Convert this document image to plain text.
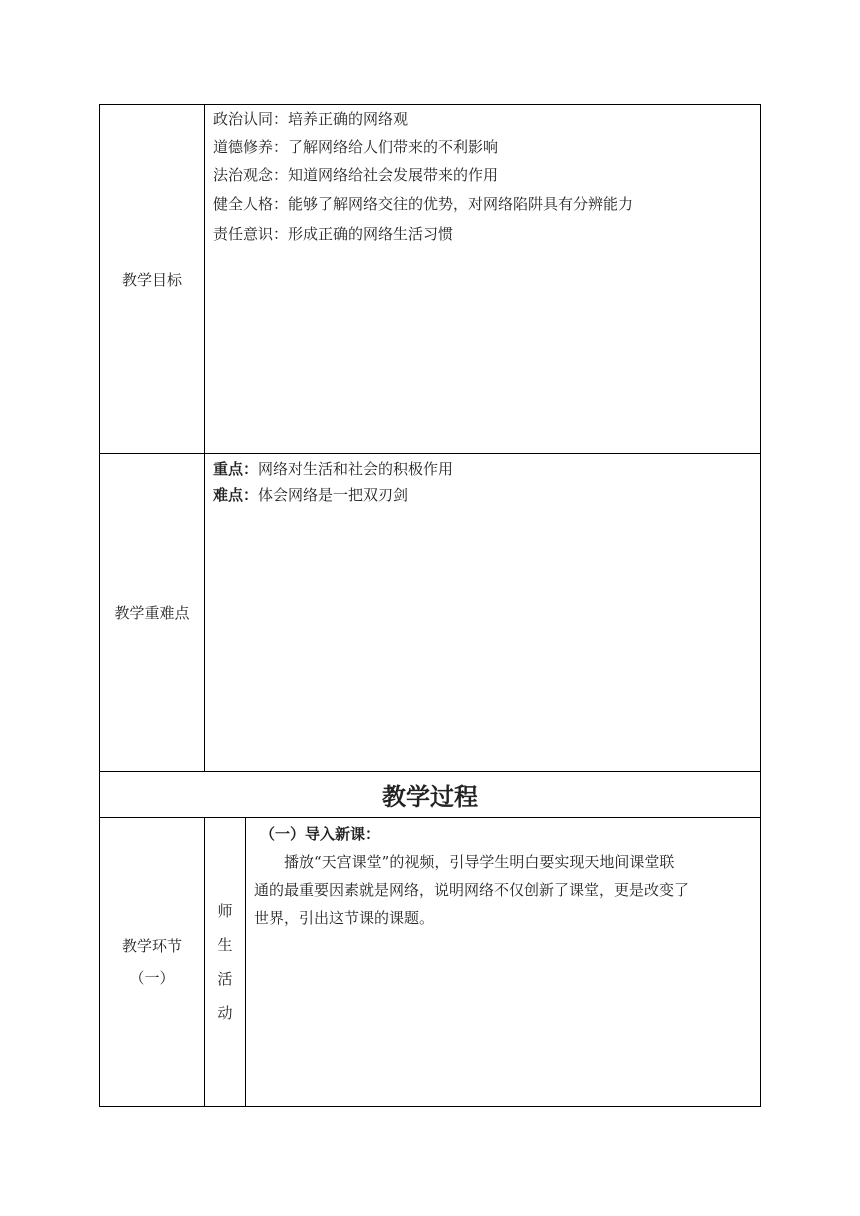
教学目标
政治认同：培养正确的网络观
道德修养：了解网络给人们带来的不利影响
法治观念：知道网络给社会发展带来的作用
健全人格：能够了解网络交往的优势，对网络陷阱具有分辨能力
责任意识：形成正确的网络生活习惯
教学重难点
重点：网络对生活和社会的积极作用
难点：体会网络是一把双刃剑
教学过程
教学环节
（一）
师
生
活
动
（一）导入新课：
播放“天宫课堂”的视频，引导学生明白要实现天地间课堂联
通的最重要因素就是网络，说明网络不仅创新了课堂，更是改变了
世界，引出这节课的课题。
